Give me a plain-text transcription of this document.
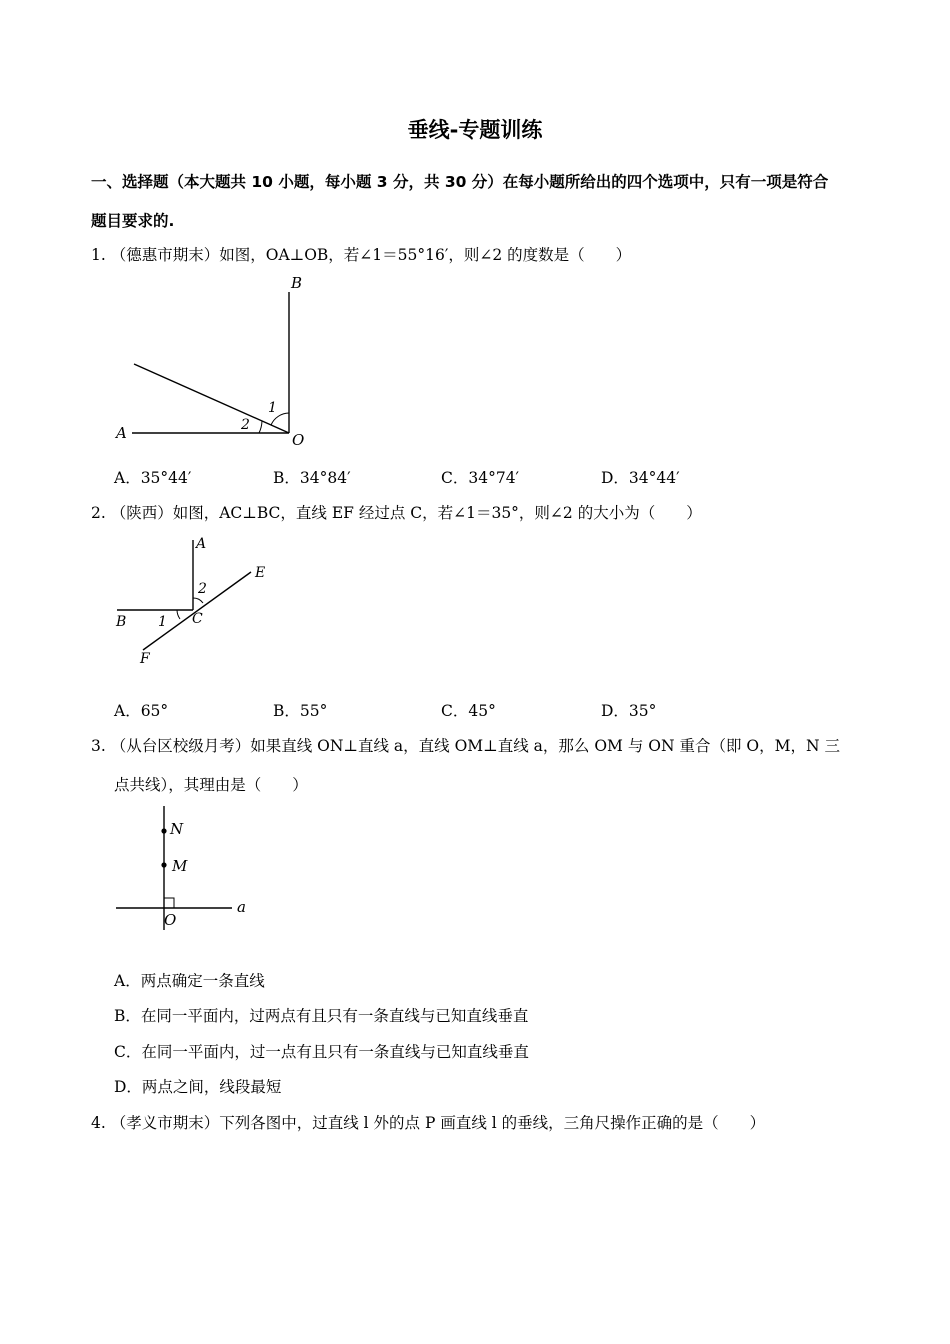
垂线-专题训练
一、选择题（本大题共 10 小题，每小题 3 分，共 30 分）在每小题所给出的四个选项中，只有一项是符合
题目要求的.
1. （德惠市期末）如图，OA⊥OB，若∠1＝55°16′，则∠2 的度数是（　　）
B
A	O
1
2
A．35°44′	B．34°84′	C．34°74′	D．34°44′
2. （陕西）如图，AC⊥BC，直线 EF 经过点 C，若∠1＝35°，则∠2 的大小为（　　）
A
E
B	C
F
1
2
A．65°	B．55°	C．45°	D．35°
3. （从台区校级月考）如果直线 ON⊥直线 a，直线 OM⊥直线 a，那么 OM 与 ON 重合（即 O，M，N 三
点共线），其理由是（　　）
N
M
O
a
A．两点确定一条直线
B．在同一平面内，过两点有且只有一条直线与已知直线垂直
C．在同一平面内，过一点有且只有一条直线与已知直线垂直
D．两点之间，线段最短
4. （孝义市期末）下列各图中，过直线 l 外的点 P 画直线 l 的垂线，三角尺操作正确的是（　　）
